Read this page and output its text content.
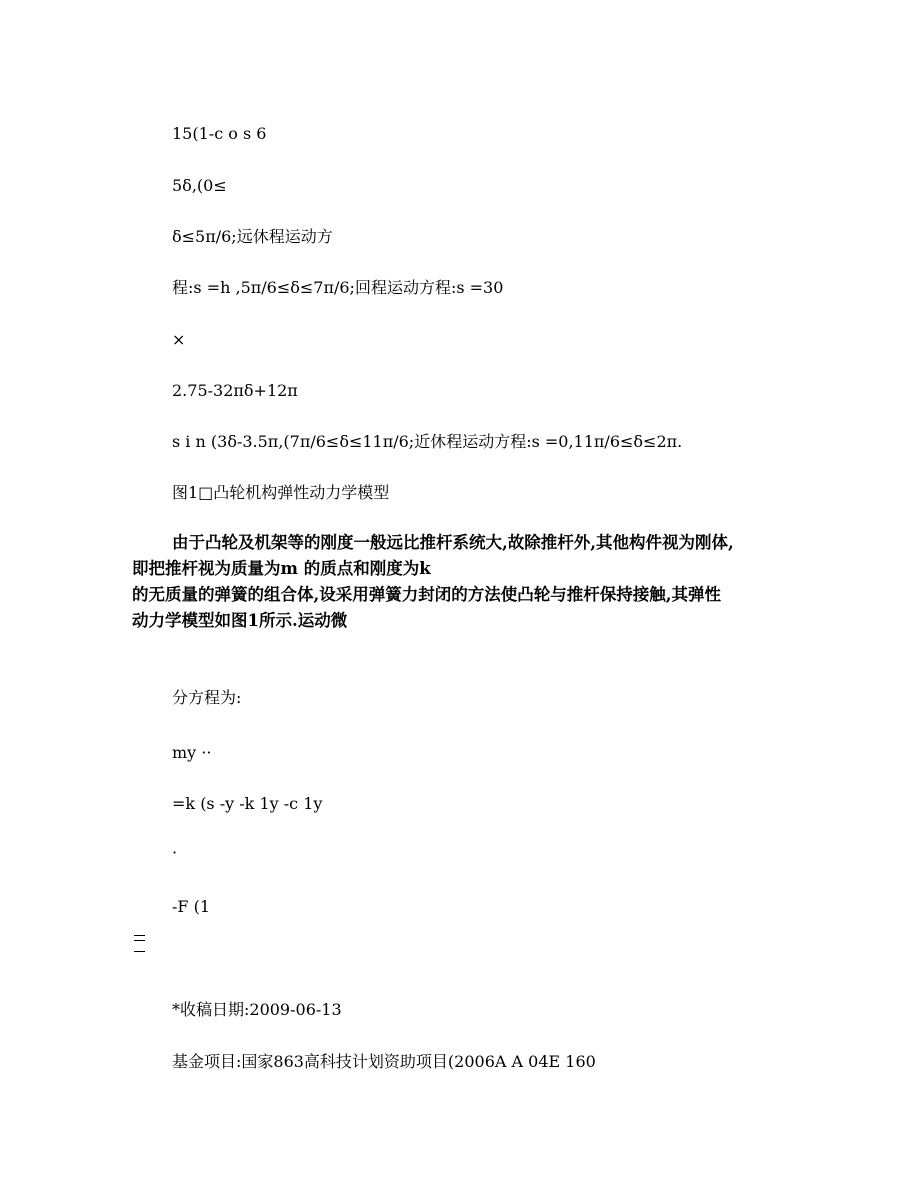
15(1-c o s 6
5δ,(0≤
δ≤5π/6;远休程运动方
程:s =h ,5π/6≤δ≤7π/6;回程运动方程:s =30
×
2.75-32πδ+12π
s i n (3δ-3.5π,(7π/6≤δ≤11π/6;近休程运动方程:s =0,11π/6≤δ≤2π.
图1□凸轮机构弹性动力学模型
由于凸轮及机架等的刚度一般远比推杆系统大,故除推杆外,其他构件视为刚体,
即把推杆视为质量为m 的质点和刚度为k
的无质量的弹簧的组合体,设采用弹簧力封闭的方法使凸轮与推杆保持接触,其弹性
动力学模型如图1所示.运动微
分方程为:
my ··
=k (s -y -k 1y -c 1y
·
-F (1
*收稿日期:2009-06-13
基金项目:国家863高科技计划资助项目(2006A A 04E 160
